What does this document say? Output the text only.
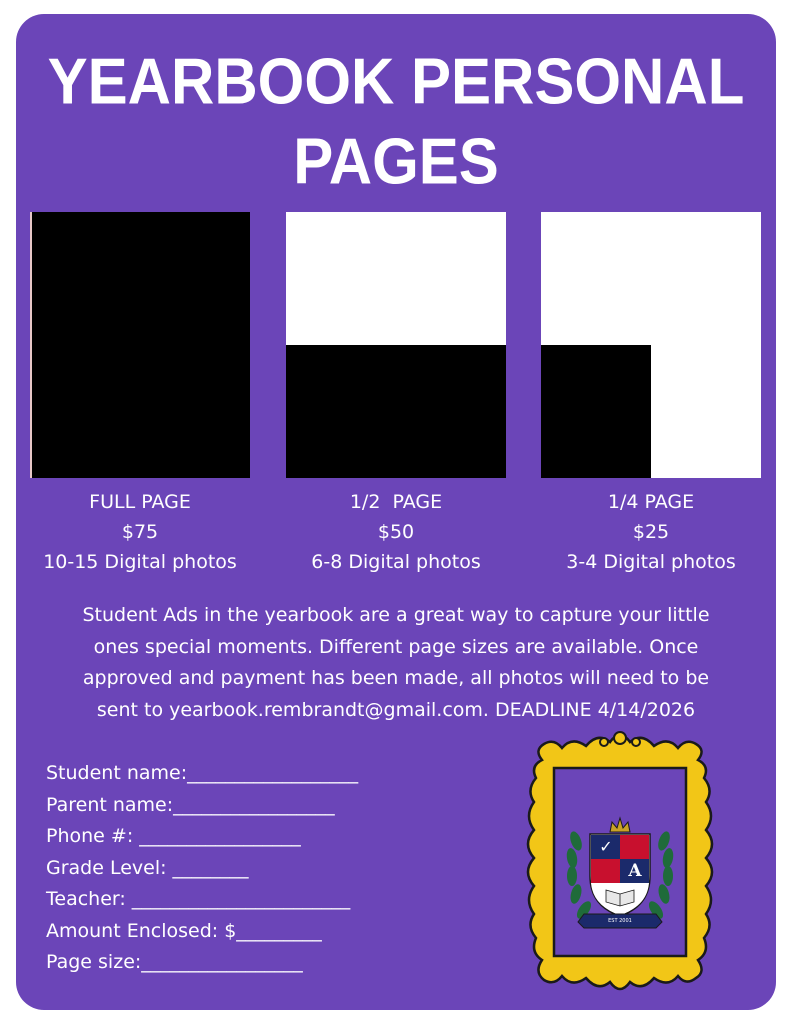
YEARBOOK PERSONAL
PAGES
FULL PAGE
$75
10-15 Digital photos
1/2  PAGE
$50
6-8 Digital photos
1/4 PAGE
$25
3-4 Digital photos
Student Ads in the yearbook are a great way to capture your little
ones special moments. Different page sizes are available. Once
approved and payment has been made, all photos will need to be
sent to yearbook.rembrandt@gmail.com. DEADLINE 4/14/2026
Student name:__________________
Parent name:_________________
Phone #: _________________
Grade Level: ________
Teacher: _______________________
Amount Enclosed: $_________
Page size:_________________
✓
A
EST 2001
